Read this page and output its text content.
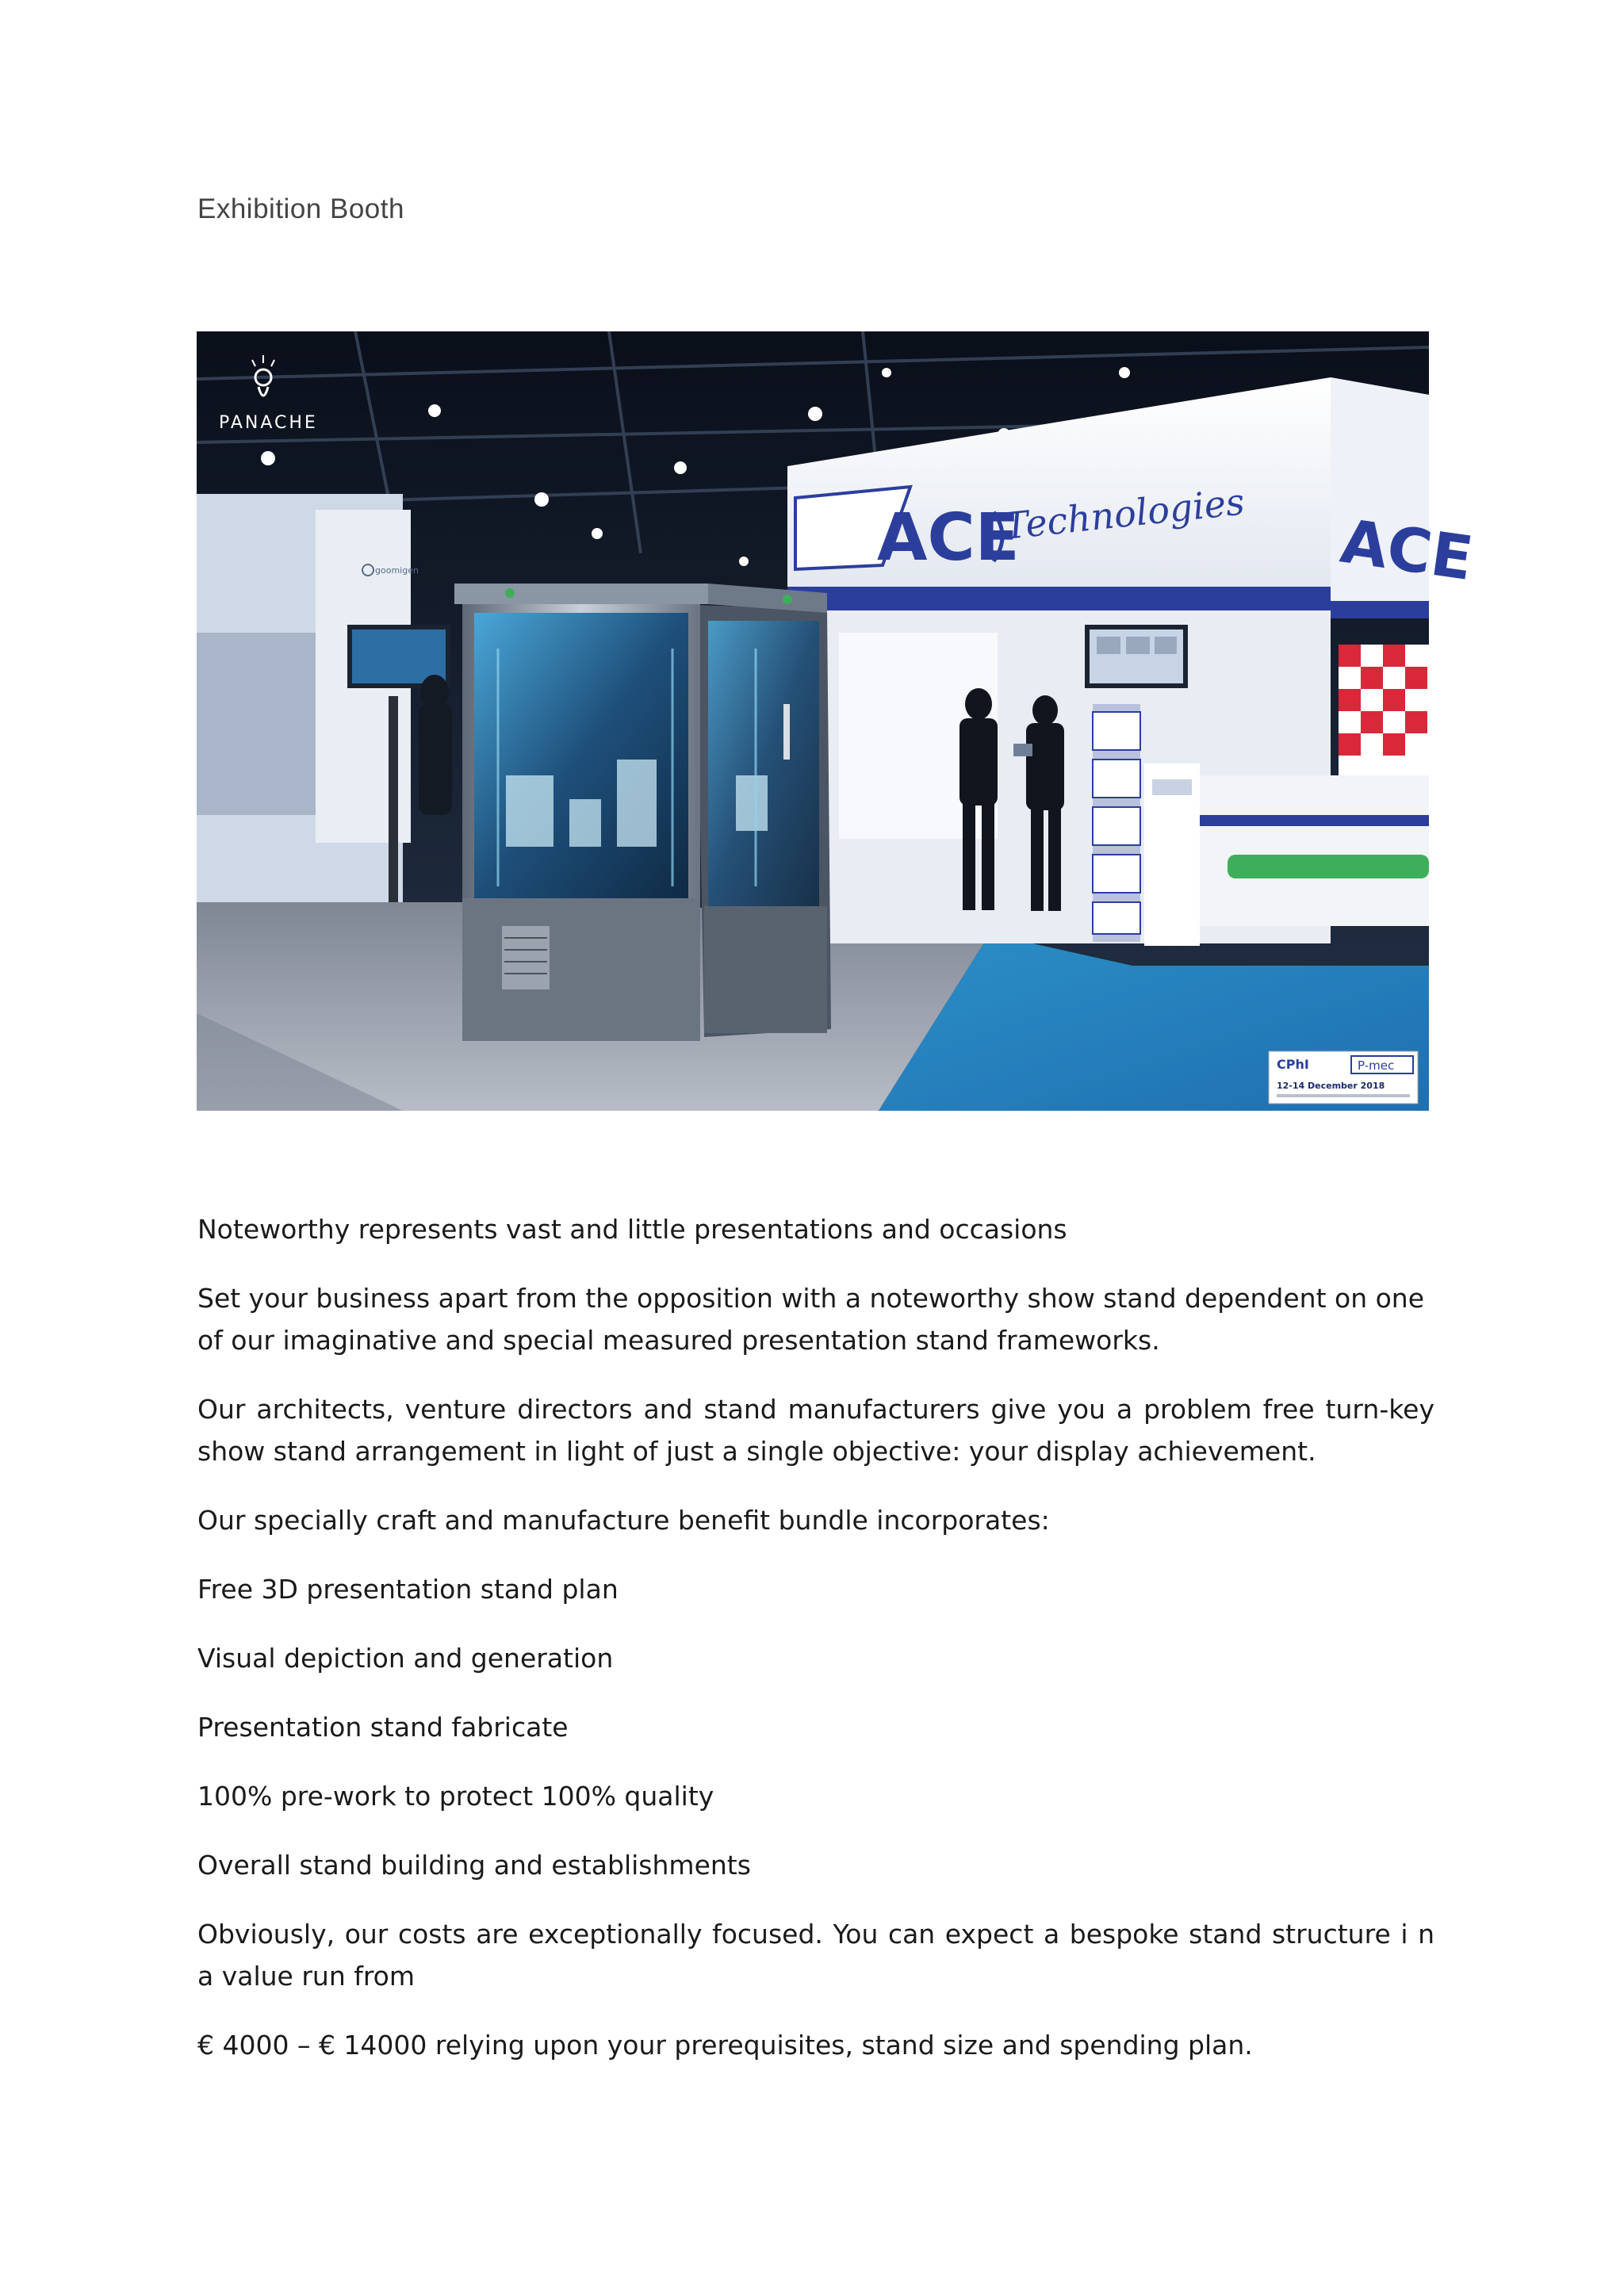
Exhibition Booth
goomigen	ACE
Technologies ACE
PANACHE
CPhI	P-mec
12-14 December 2018

Noteworthy represents vast and little presentations and occasions

Set your business apart from the opposition with a noteworthy show stand dependent on one of our imaginative and special measured presentation stand frameworks.

Our architects, venture directors and stand manufacturers give you a problem free turn-key show stand arrangement in light of just a single objective: your display achievement.

Our specially craft and manufacture benefit bundle incorporates:

Free 3D presentation stand plan

Visual depiction and generation

Presentation stand fabricate

100% pre-work to protect 100% quality

Overall stand building and establishments

Obviously, our costs are exceptionally focused. You can expect a bespoke stand structure i n a value run from

€ 4000 – € 14000 relying upon your prerequisites, stand size and spending plan.
